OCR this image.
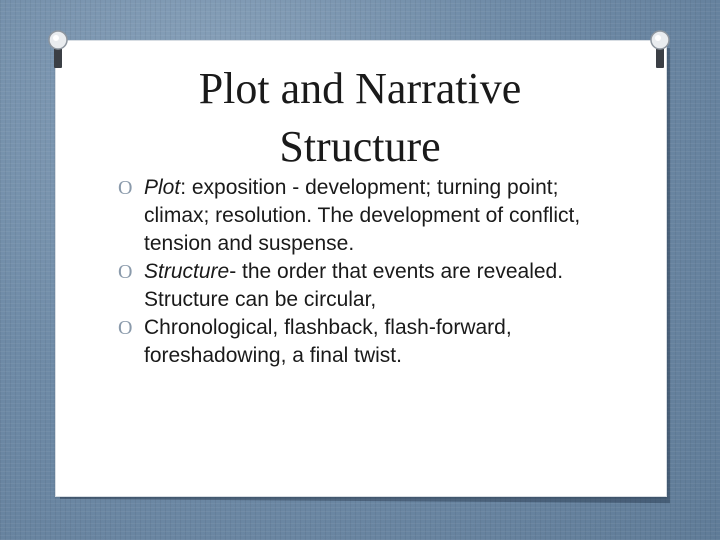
Plot and Narrative
Structure
O Plot: exposition - development; turning point; climax; resolution. The development of conflict, tension and suspense.
O Structure- the order that events are revealed. Structure can be circular,
O Chronological, flashback, flash-forward, foreshadowing, a final twist.
